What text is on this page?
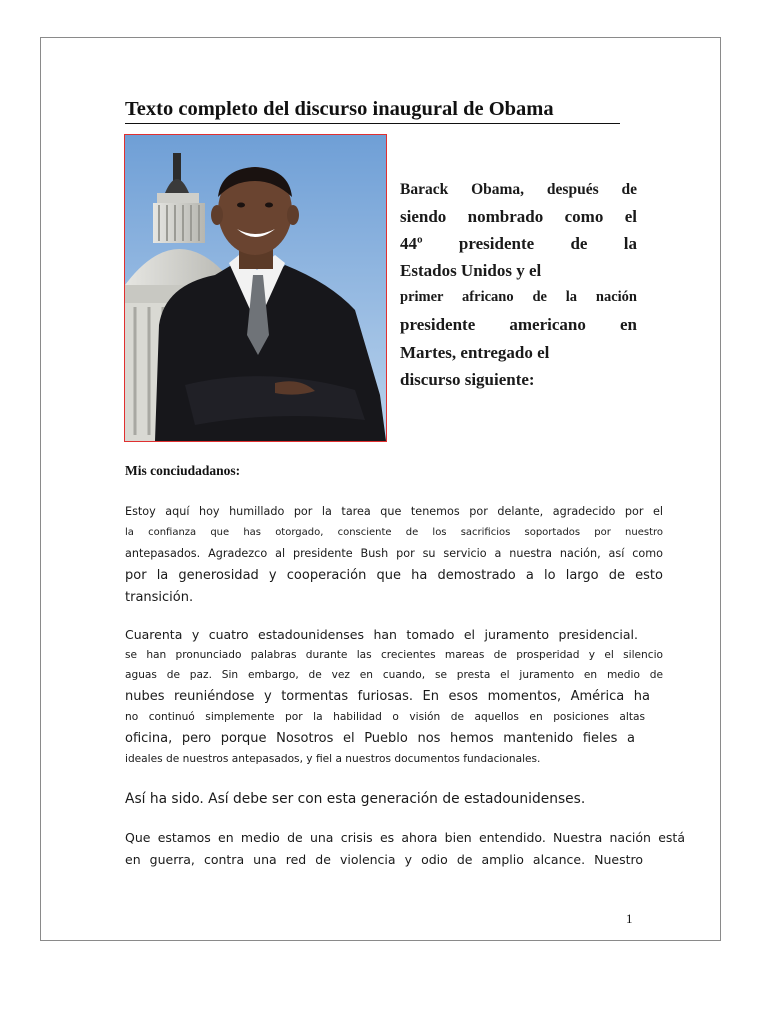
Texto completo del discurso inaugural de Obama
Barack Obama, después de
siendo nombrado como el
44º presidente de la
Estados Unidos y el
primer africano de la nación
presidente americano en
Martes, entregado el
discurso siguiente:
Mis conciudadanos:
Estoy aquí hoy humillado por la tarea que tenemos por delante, agradecido por el
la confianza que has otorgado, consciente de los sacrificios soportados por nuestro
antepasados. Agradezco al presidente Bush por su servicio a nuestra nación, así como
por la generosidad y cooperación que ha demostrado a lo largo de esto
transición.
Cuarenta y cuatro estadounidenses han tomado el juramento presidencial.
se han pronunciado palabras durante las crecientes mareas de prosperidad y el silencio
aguas de paz. Sin embargo, de vez en cuando, se presta el juramento en medio de
nubes reuniéndose y tormentas furiosas. En esos momentos, América ha
no continuó simplemente por la habilidad o visión de aquellos en posiciones altas
oficina, pero porque Nosotros el Pueblo nos hemos mantenido fieles a
ideales de nuestros antepasados, y fiel a nuestros documentos fundacionales.
Así ha sido. Así debe ser con esta generación de estadounidenses.
Que estamos en medio de una crisis es ahora bien entendido. Nuestra nación está
en guerra, contra una red de violencia y odio de amplio alcance. Nuestro
1
